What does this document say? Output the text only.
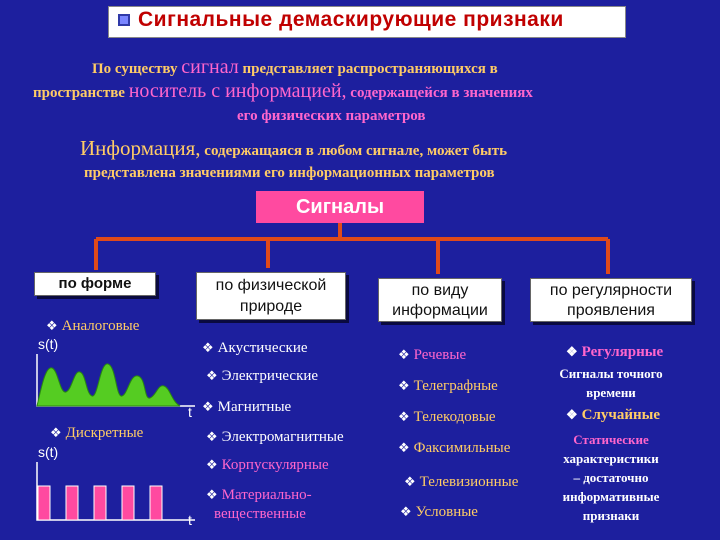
Сигнальные демаскирующие признаки
По существу сигнал представляет распространяющихся в
пространстве носитель с информацией, содержащейся в значениях
его физических параметров
Информация, содержащаяся в любом сигнале, может быть
представлена значениями его информационных параметров
Сигналы
по форме	по физической природе
по виду информации
по регулярности проявления
❖ Аналоговые
s(t)
t
❖ Дискретные
s(t)
t
❖ Акустические
❖ Электрические
❖ Магнитные
❖ Электромагнитные
❖ Корпускулярные
❖ Материально-
вещественные
❖ Речевые
❖ Телеграфные
❖ Телекодовые
❖ Факсимильные
❖ Телевизионные
❖ Условные
❖ Регулярные
Сигналы точного
времени
❖ Случайные
Статические
характеристики
– достаточно
информативные
признаки
